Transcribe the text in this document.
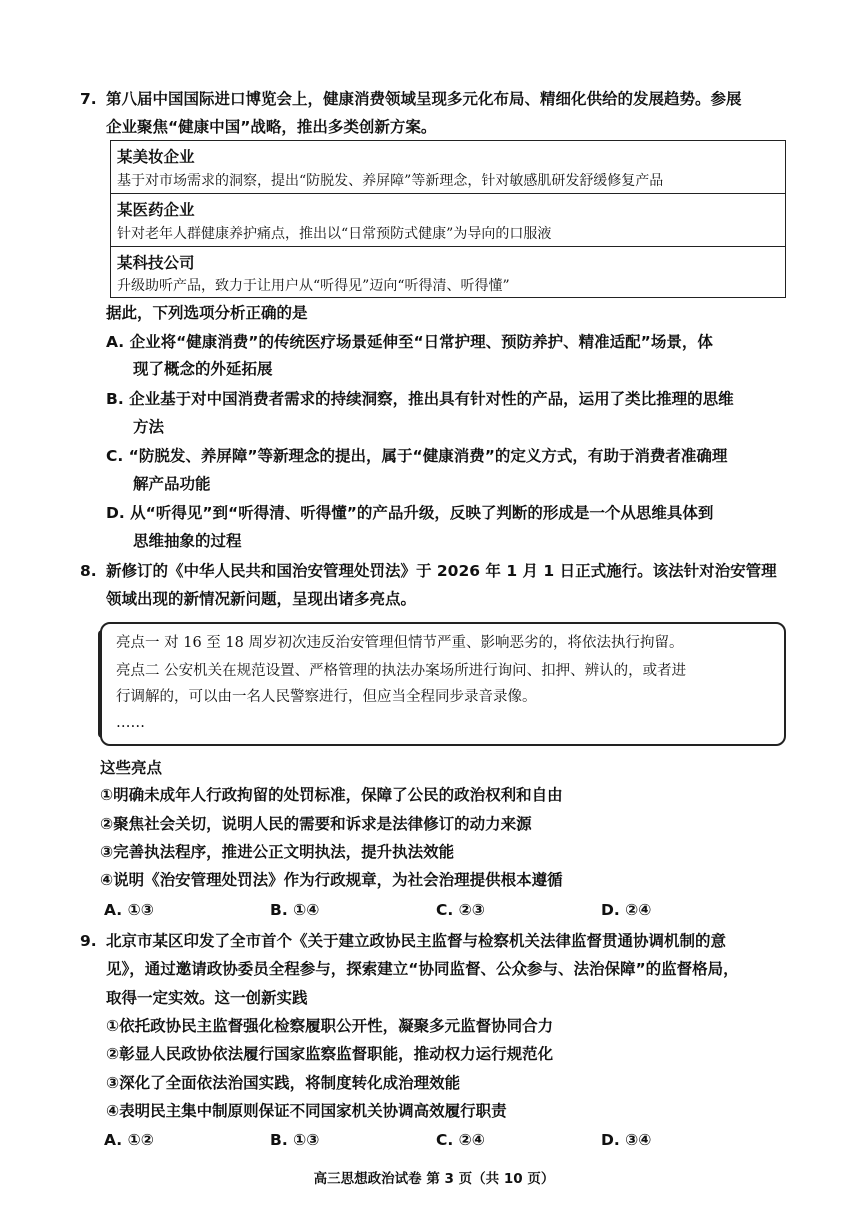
7. 第八届中国国际进口博览会上，健康消费领域呈现多元化布局、精细化供给的发展趋势。参展
企业聚焦“健康中国”战略，推出多类创新方案。
某美妆企业
基于对市场需求的洞察，提出“防脱发、养屏障”等新理念，针对敏感肌研发舒缓修复产品
某医药企业
针对老年人群健康养护痛点，推出以“日常预防式健康”为导向的口服液
某科技公司
升级助听产品，致力于让用户从“听得见”迈向“听得清、听得懂”
据此，下列选项分析正确的是
A. 企业将“健康消费”的传统医疗场景延伸至“日常护理、预防养护、精准适配”场景，体
现了概念的外延拓展
B. 企业基于对中国消费者需求的持续洞察，推出具有针对性的产品，运用了类比推理的思维
方法
C. “防脱发、养屏障”等新理念的提出，属于“健康消费”的定义方式，有助于消费者准确理
解产品功能
D. 从“听得见”到“听得清、听得懂”的产品升级，反映了判断的形成是一个从思维具体到
思维抽象的过程
8. 新修订的《中华人民共和国治安管理处罚法》于 2026 年 1 月 1 日正式施行。该法针对治安管理
领域出现的新情况新问题，呈现出诸多亮点。
亮点一 对 16 至 18 周岁初次违反治安管理但情节严重、影响恶劣的，将依法执行拘留。
亮点二 公安机关在规范设置、严格管理的执法办案场所进行询问、扣押、辨认的，或者进
行调解的，可以由一名人民警察进行，但应当全程同步录音录像。
……
这些亮点
①明确未成年人行政拘留的处罚标准，保障了公民的政治权利和自由
②聚焦社会关切，说明人民的需要和诉求是法律修订的动力来源
③完善执法程序，推进公正文明执法，提升执法效能
④说明《治安管理处罚法》作为行政规章，为社会治理提供根本遵循
A. ①③	B. ①④	C. ②③	D. ②④
9. 北京市某区印发了全市首个《关于建立政协民主监督与检察机关法律监督贯通协调机制的意
见》，通过邀请政协委员全程参与，探索建立“协同监督、公众参与、法治保障”的监督格局，
取得一定实效。这一创新实践
①依托政协民主监督强化检察履职公开性，凝聚多元监督协同合力
②彰显人民政协依法履行国家监察监督职能，推动权力运行规范化
③深化了全面依法治国实践，将制度转化成治理效能
④表明民主集中制原则保证不同国家机关协调高效履行职责
A. ①②	B. ①③	C. ②④	D. ③④
高三思想政治试卷 第 3 页（共 10 页）
